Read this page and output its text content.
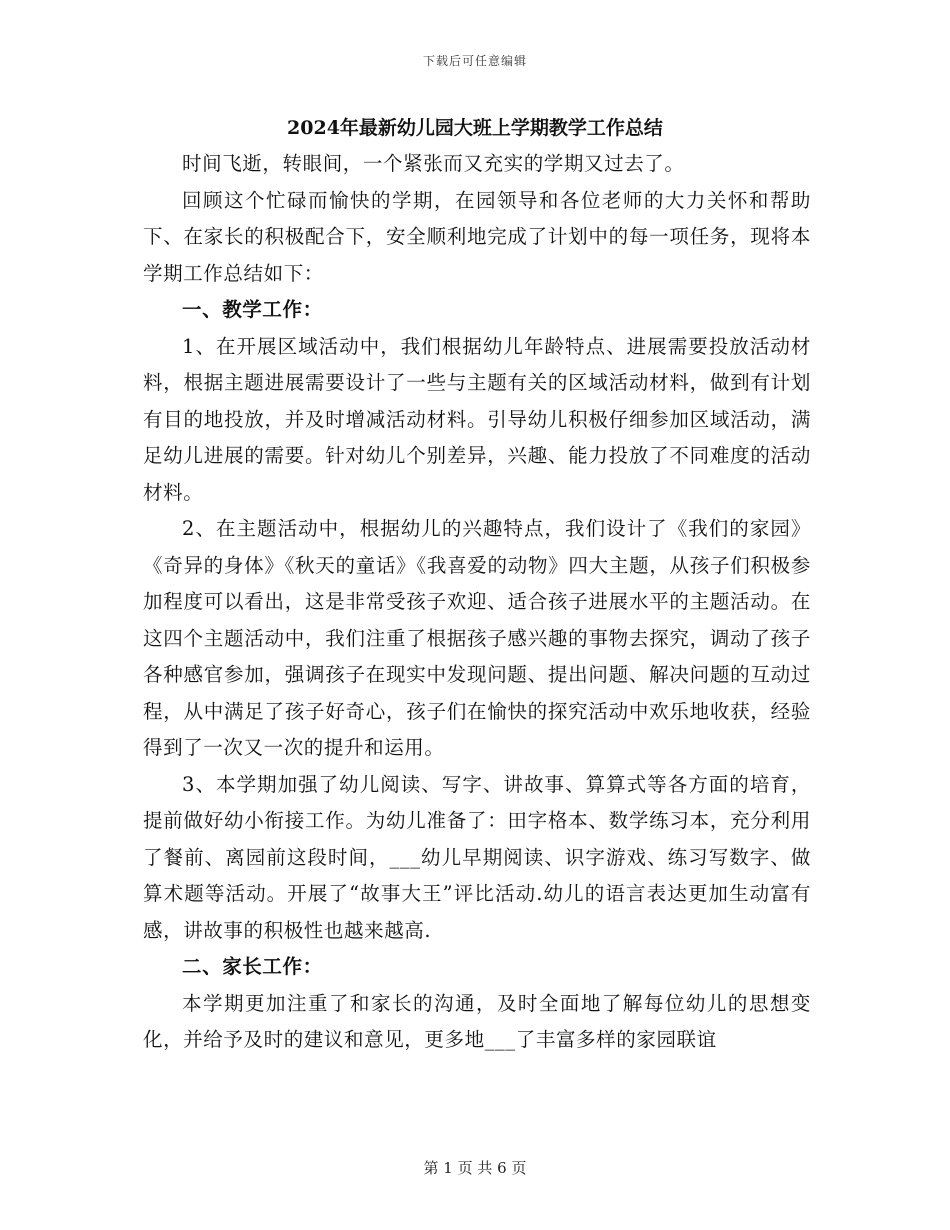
下载后可任意编辑
2024年最新幼儿园大班上学期教学工作总结

时间飞逝，转眼间，一个紧张而又充实的学期又过去了。

回顾这个忙碌而愉快的学期，在园领导和各位老师的大力关怀和帮助下、在家长的积极配合下，安全顺利地完成了计划中的每一项任务，现将本学期工作总结如下：

一、教学工作：

1、在开展区域活动中，我们根据幼儿年龄特点、进展需要投放活动材料，根据主题进展需要设计了一些与主题有关的区域活动材料，做到有计划有目的地投放，并及时增减活动材料。引导幼儿积极仔细参加区域活动，满足幼儿进展的需要。针对幼儿个别差异，兴趣、能力投放了不同难度的活动材料。

2、在主题活动中，根据幼儿的兴趣特点，我们设计了《我们的家园》《奇异的身体》《秋天的童话》《我喜爱的动物》四大主题，从孩子们积极参加程度可以看出，这是非常受孩子欢迎、适合孩子进展水平的主题活动。在这四个主题活动中，我们注重了根据孩子感兴趣的事物去探究，调动了孩子各种感官参加，强调孩子在现实中发现问题、提出问题、解决问题的互动过程，从中满足了孩子好奇心，孩子们在愉快的探究活动中欢乐地收获，经验得到了一次又一次的提升和运用。

3、本学期加强了幼儿阅读、写字、讲故事、算算式等各方面的培育，提前做好幼小衔接工作。为幼儿准备了：田字格本、数学练习本，充分利用了餐前、离园前这段时间，___幼儿早期阅读、识字游戏、练习写数字、做算术题等活动。开展了“故事大王”评比活动.幼儿的语言表达更加生动富有感，讲故事的积极性也越来越高.

二、家长工作：

本学期更加注重了和家长的沟通，及时全面地了解每位幼儿的思想变化，并给予及时的建议和意见，更多地___了丰富多样的家园联谊

第 1 页 共 6 页
